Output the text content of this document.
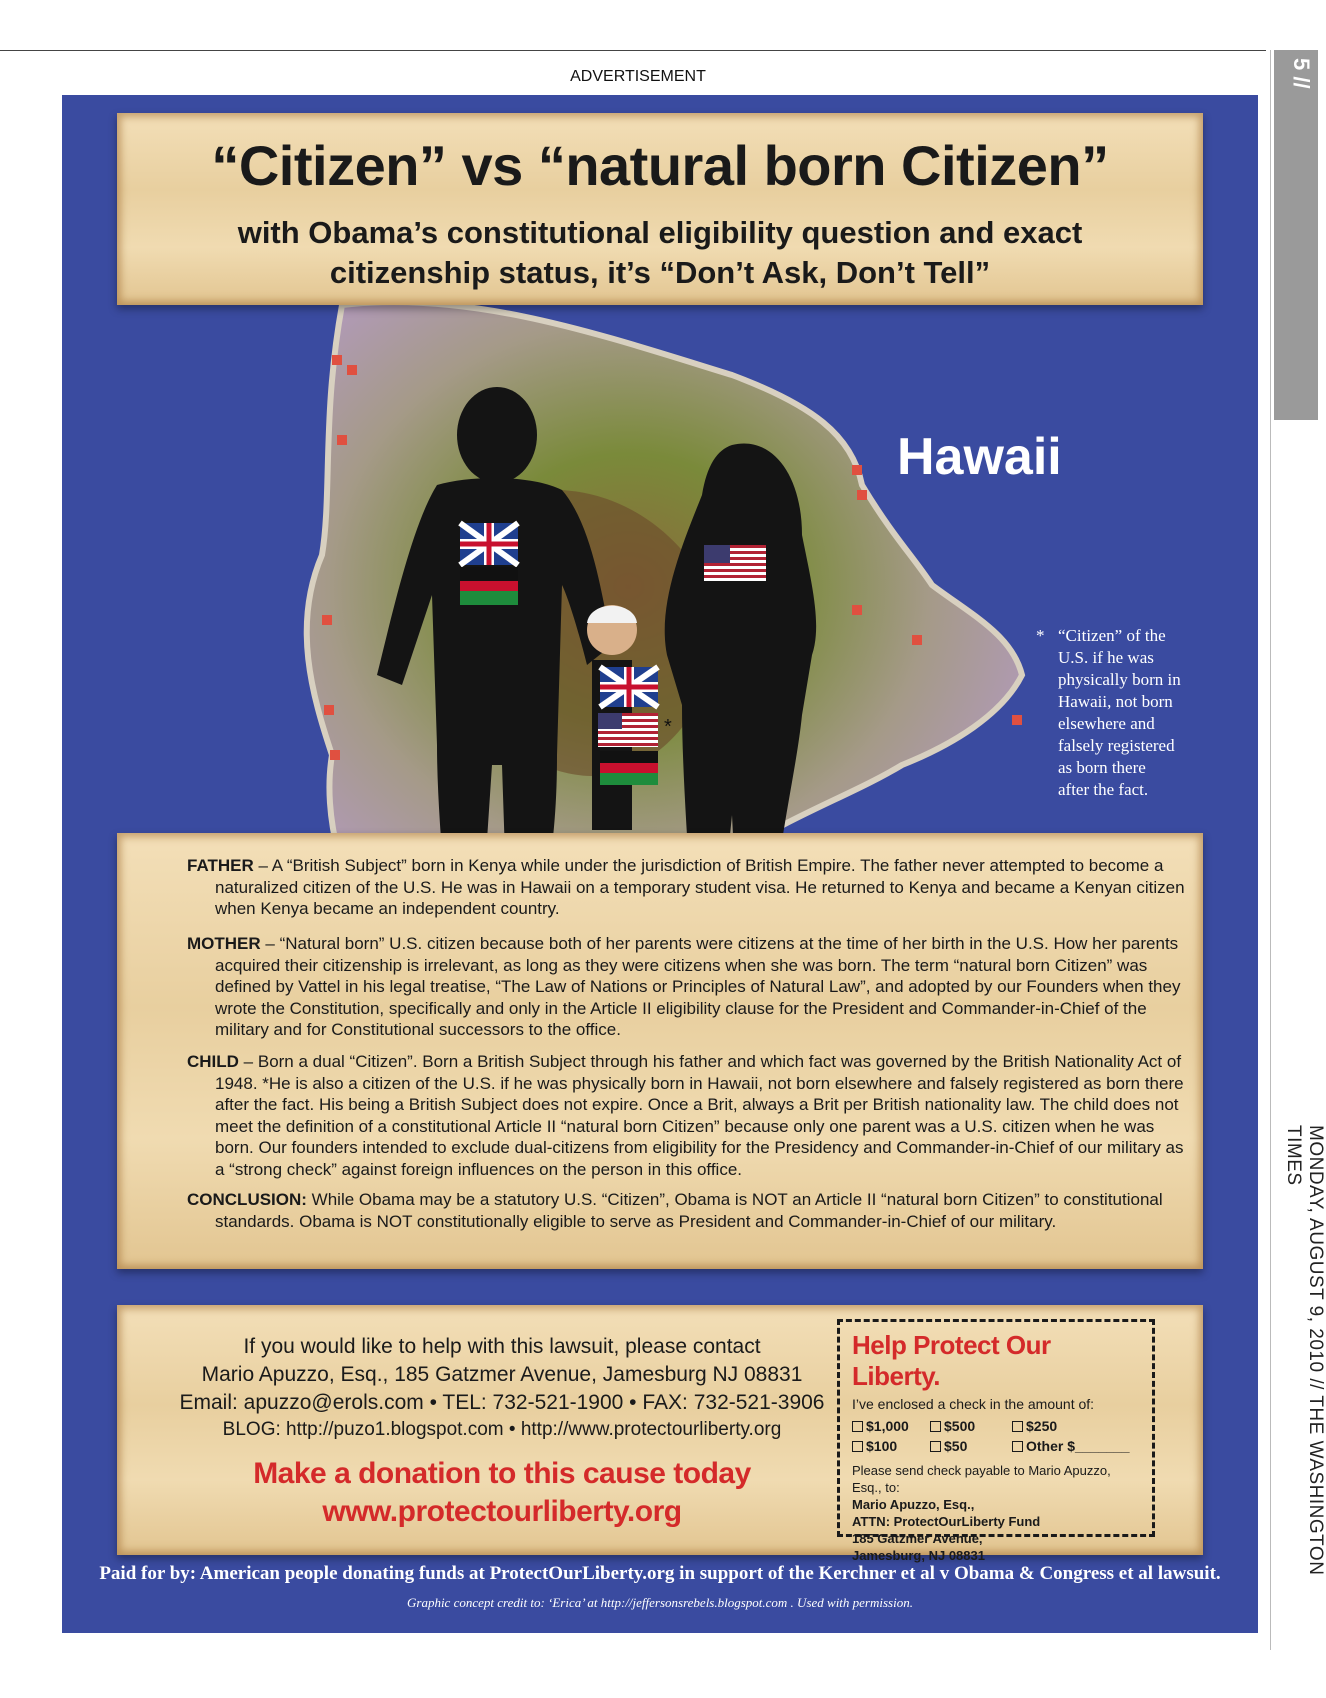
5 //
MONDAY, AUGUST 9, 2010 // THE WASHINGTON TIMES
ADVERTISEMENT
*
Hawaii
* “Citizen” of the
U.S. if he was
physically born in
Hawaii, not born
elsewhere and
falsely registered
as born there
after the fact.
“Citizen” vs “natural born Citizen”
with Obama’s constitutional eligibility question and exact
citizenship status, it’s “Don’t Ask, Don’t Tell”
FATHER – A “British Subject” born in Kenya while under the jurisdiction of British Empire. The father never attempted to become a naturalized citizen of the U.S. He was in Hawaii on a temporary student visa. He returned to Kenya and became a Kenyan citizen when Kenya became an independent country.
MOTHER – “Natural born” U.S. citizen because both of her parents were citizens at the time of her birth in the U.S. How her parents acquired their citizenship is irrelevant, as long as they were citizens when she was born. The term “natural born Citizen” was defined by Vattel in his legal treatise, “The Law of Nations or Principles of Natural Law”, and adopted by our Founders when they wrote the Constitution, specifically and only in the Article II eligibility clause for the President and Commander-in-Chief of the military and for Constitutional successors to the office.
CHILD – Born a dual “Citizen”. Born a British Subject through his father and which fact was governed by the British Nationality Act of 1948. *He is also a citizen of the U.S. if he was physically born in Hawaii, not born elsewhere and falsely registered as born there after the fact. His being a British Subject does not expire. Once a Brit, always a Brit per British nationality law. The child does not meet the definition of a constitutional Article II “natural born Citizen” because only one parent was a U.S. citizen when he was born. Our founders intended to exclude dual-citizens from eligibility for the Presidency and Commander-in-Chief of our military as a “strong check” against foreign influences on the person in this office.
CONCLUSION: While Obama may be a statutory U.S. “Citizen”, Obama is NOT an Article II “natural born Citizen” to constitutional standards. Obama is NOT constitutionally eligible to serve as President and Commander-in-Chief of our military.
If you would like to help with this lawsuit, please contact
Mario Apuzzo, Esq., 185 Gatzmer Avenue, Jamesburg NJ 08831
Email: apuzzo@erols.com • TEL: 732-521-1900 • FAX: 732-521-3906
BLOG: http://puzo1.blogspot.com • http://www.protectourliberty.org
Make a donation to this cause today
www.protectourliberty.org
Help Protect Our Liberty.
I’ve enclosed a check in the amount of:
$1,000	$500	$250
$100	$50	Other $_______
Please send check payable to Mario Apuzzo, Esq., to:
Mario Apuzzo, Esq.,
ATTN: ProtectOurLiberty Fund
185 Gatzmer Avenue,
Jamesburg, NJ 08831
Paid for by: American people donating funds at ProtectOurLiberty.org in support of the Kerchner et al v Obama & Congress et al lawsuit.
Graphic concept credit to: ‘Erica’ at http://jeffersonsrebels.blogspot.com . Used with permission.
